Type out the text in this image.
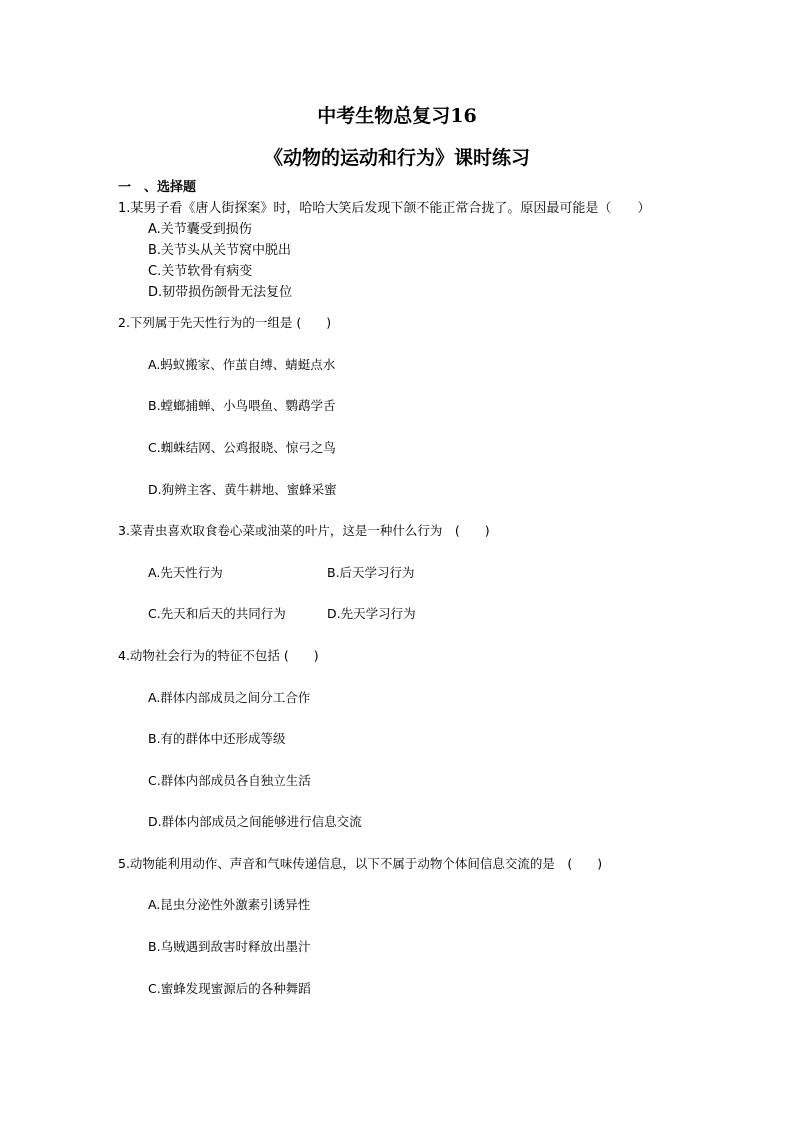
中考生物总复习16
《动物的运动和行为》课时练习
一　、选择题
1.某男子看《唐人街探案》时，哈哈大笑后发现下颌不能正常合拢了。原因最可能是（　　）
A.关节囊受到损伤
B.关节头从关节窝中脱出
C.关节软骨有病变
D.韧带损伤颌骨无法复位
2.下列属于先天性行为的一组是 (　　)
A.蚂蚁搬家、作茧自缚、蜻蜓点水
B.螳螂捕蝉、小鸟喂鱼、鹦鹉学舌
C.蜘蛛结网、公鸡报晓、惊弓之鸟
D.狗辨主客、黄牛耕地、蜜蜂采蜜
3.菜青虫喜欢取食卷心菜或油菜的叶片，这是一种什么行为　(　　)
A.先天性行为	B.后天学习行为
C.先天和后天的共同行为	D.先天学习行为
4.动物社会行为的特征不包括 (　　)
A.群体内部成员之间分工合作
B.有的群体中还形成等级
C.群体内部成员各自独立生活
D.群体内部成员之间能够进行信息交流
5.动物能利用动作、声音和气味传递信息，以下不属于动物个体间信息交流的是　(　　)
A.昆虫分泌性外激素引诱异性
B.乌贼遇到敌害时释放出墨汁
C.蜜蜂发现蜜源后的各种舞蹈
